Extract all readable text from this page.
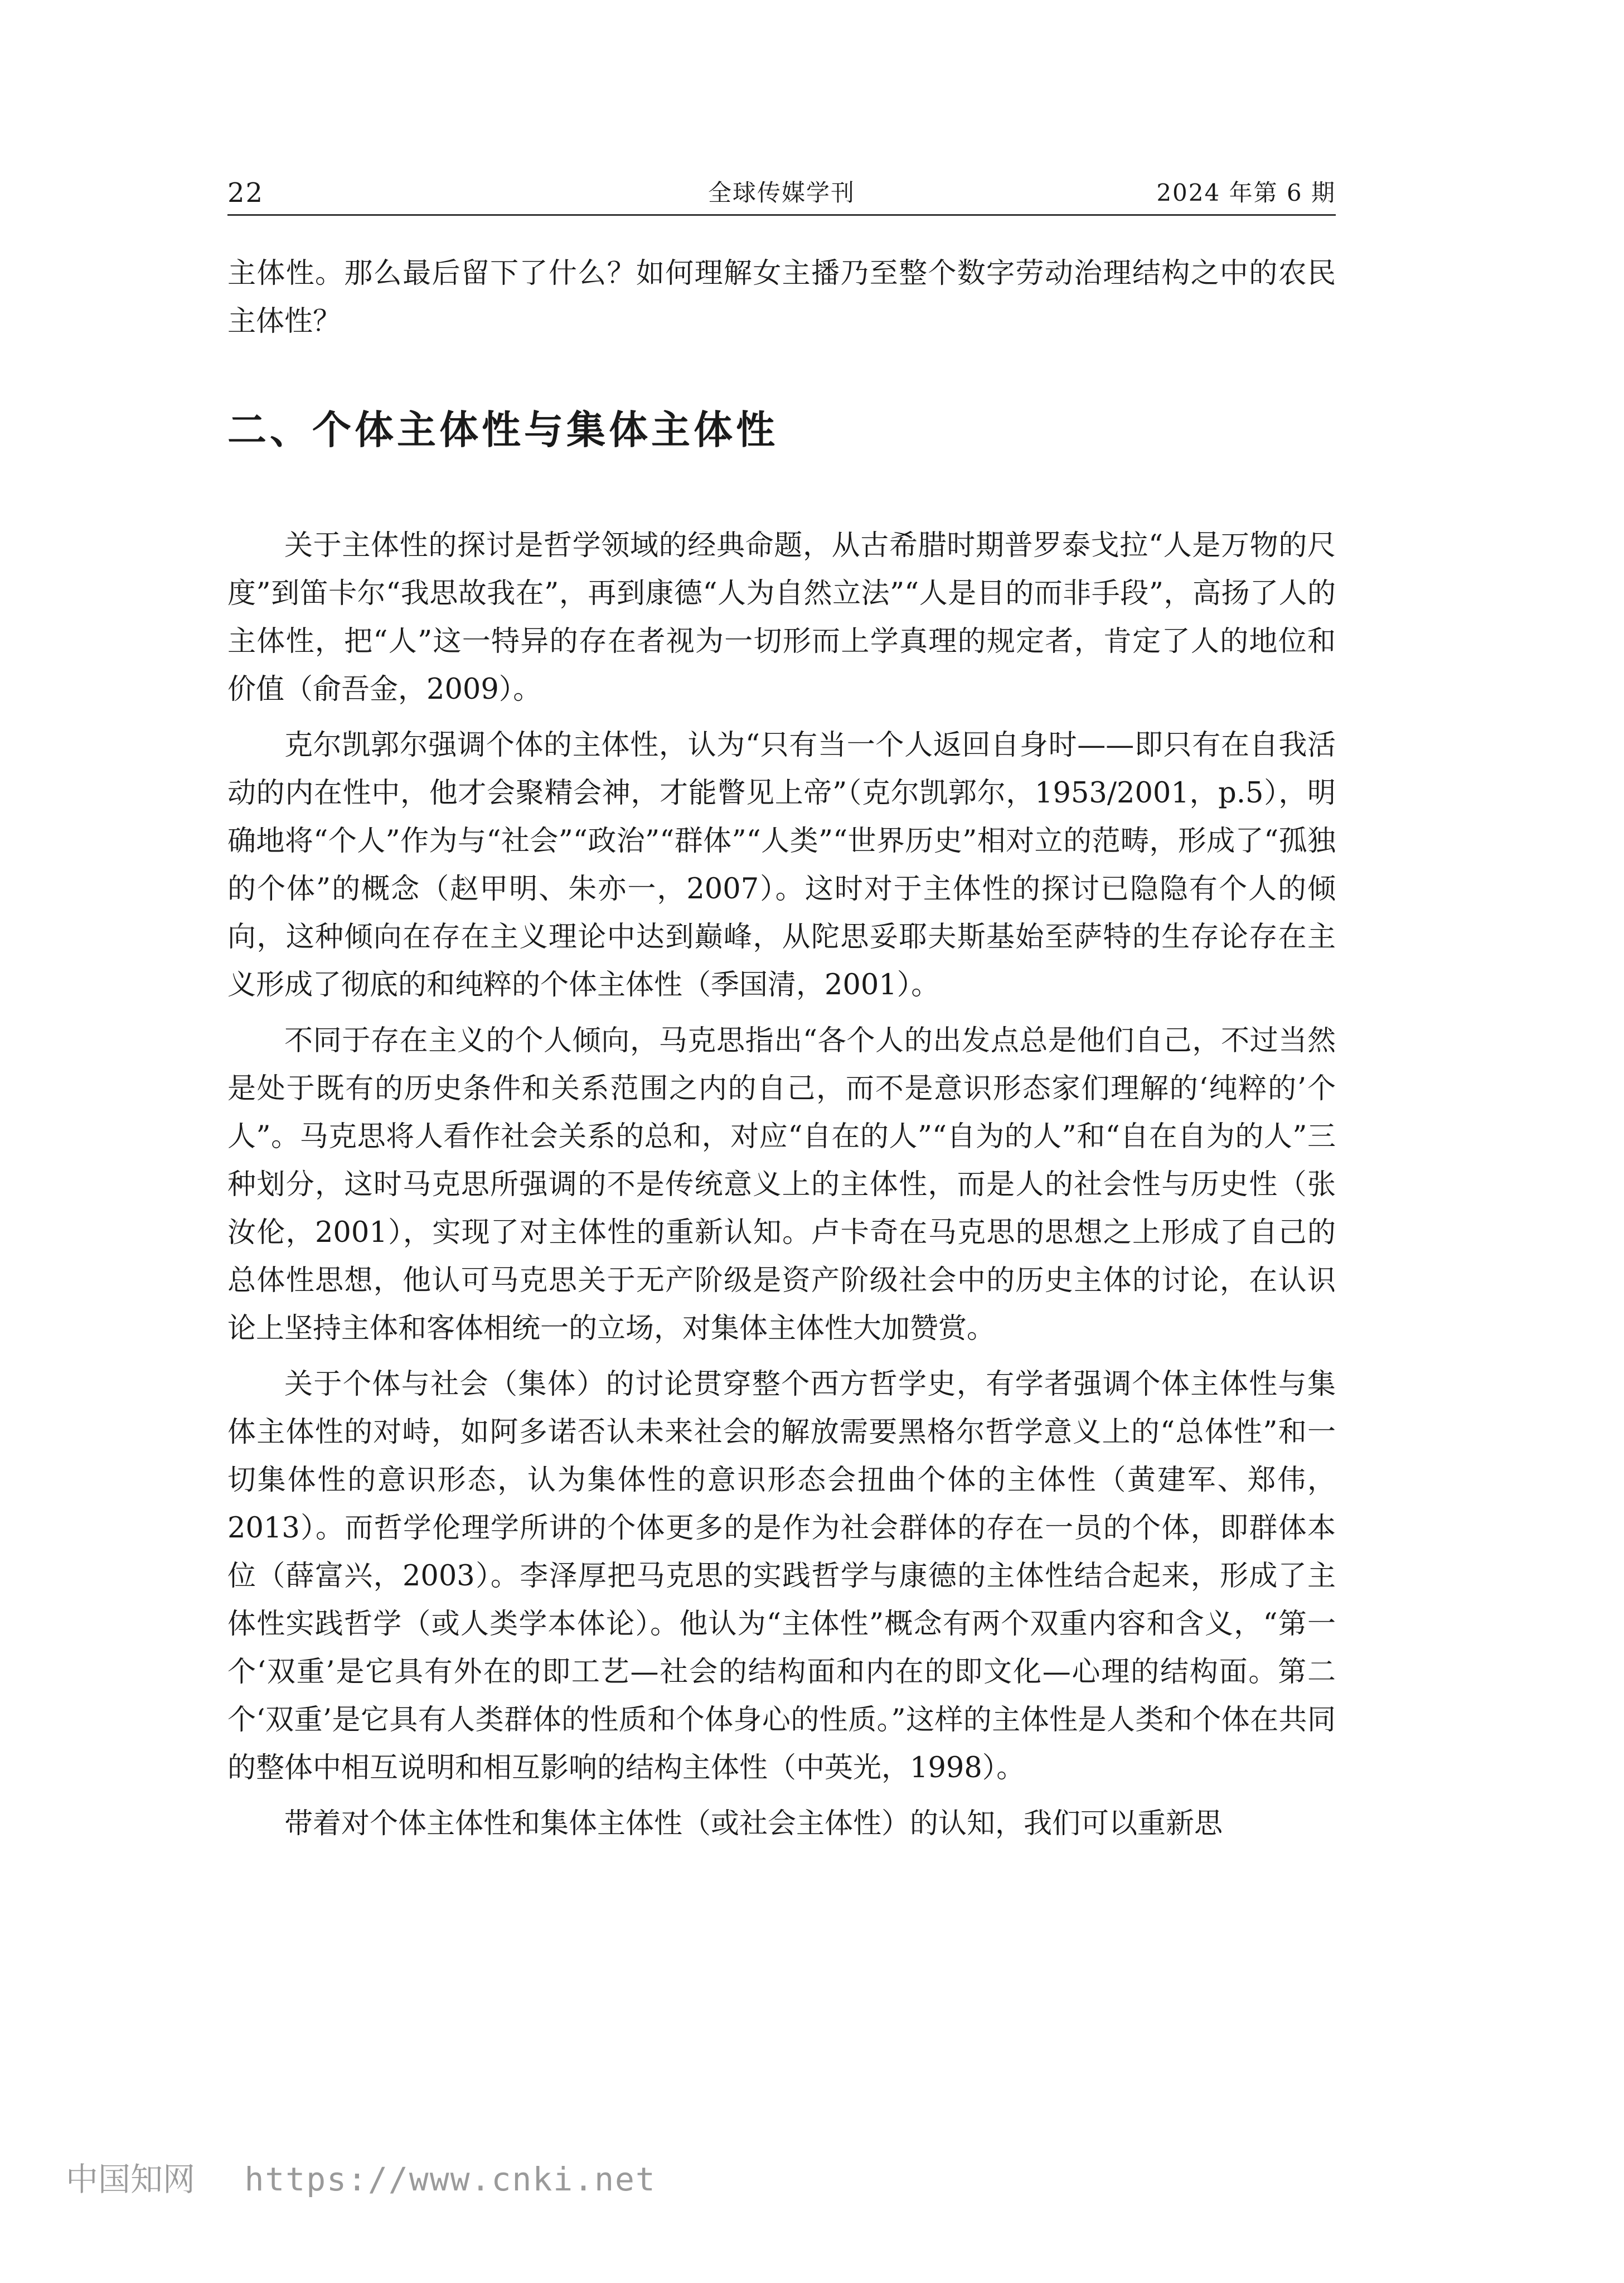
22	全球传媒学刊	2024 年第 6 期

主体性。那么最后留下了什么？如何理解女主播乃至整个数字劳动治理结构之中的农民主体性？

二、个体主体性与集体主体性

关于主体性的探讨是哲学领域的经典命题，从古希腊时期普罗泰戈拉“人是万物的尺度”到笛卡尔“我思故我在”，再到康德“人为自然立法”“人是目的而非手段”，高扬了人的主体性，把“人”这一特异的存在者视为一切形而上学真理的规定者，肯定了人的地位和价值（俞吾金，2009）。

克尔凯郭尔强调个体的主体性，认为“只有当一个人返回自身时——即只有在自我活动的内在性中，他才会聚精会神，才能瞥见上帝”（克尔凯郭尔，1953/2001，p.5），明确地将“个人”作为与“社会”“政治”“群体”“人类”“世界历史”相对立的范畴，形成了“孤独的个体”的概念（赵甲明、朱亦一，2007）。这时对于主体性的探讨已隐隐有个人的倾向，这种倾向在存在主义理论中达到巅峰，从陀思妥耶夫斯基始至萨特的生存论存在主义形成了彻底的和纯粹的个体主体性（季国清，2001）。

不同于存在主义的个人倾向，马克思指出“各个人的出发点总是他们自己，不过当然是处于既有的历史条件和关系范围之内的自己，而不是意识形态家们理解的‘纯粹的’个人”。马克思将人看作社会关系的总和，对应“自在的人”“自为的人”和“自在自为的人”三种划分，这时马克思所强调的不是传统意义上的主体性，而是人的社会性与历史性（张汝伦，2001），实现了对主体性的重新认知。卢卡奇在马克思的思想之上形成了自己的总体性思想，他认可马克思关于无产阶级是资产阶级社会中的历史主体的讨论，在认识论上坚持主体和客体相统一的立场，对集体主体性大加赞赏。

关于个体与社会（集体）的讨论贯穿整个西方哲学史，有学者强调个体主体性与集体主体性的对峙，如阿多诺否认未来社会的解放需要黑格尔哲学意义上的“总体性”和一切集体性的意识形态，认为集体性的意识形态会扭曲个体的主体性（黄建军、郑伟，2013）。而哲学伦理学所讲的个体更多的是作为社会群体的存在一员的个体，即群体本位（薛富兴，2003）。李泽厚把马克思的实践哲学与康德的主体性结合起来，形成了主体性实践哲学（或人类学本体论）。他认为“主体性”概念有两个双重内容和含义，“第一个‘双重’是它具有外在的即工艺—社会的结构面和内在的即文化—心理的结构面。第二个‘双重’是它具有人类群体的性质和个体身心的性质。”这样的主体性是人类和个体在共同的整体中相互说明和相互影响的结构主体性（中英光，1998）。

带着对个体主体性和集体主体性（或社会主体性）的认知，我们可以重新思

中国知网 https://www.cnki.net
